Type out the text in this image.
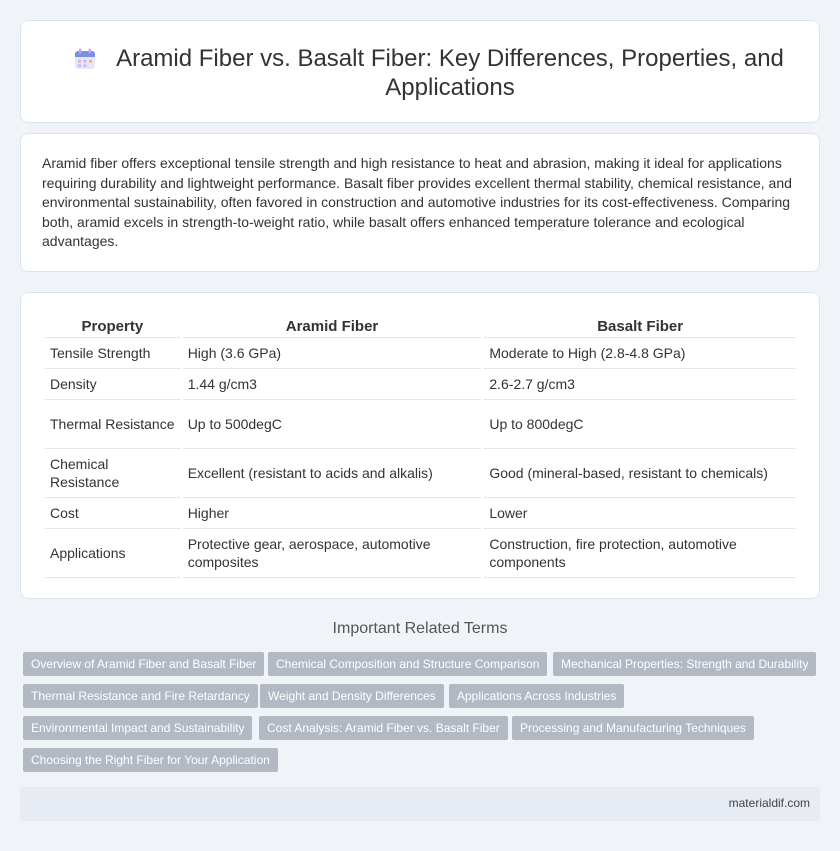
Aramid Fiber vs. Basalt Fiber: Key Differences, Properties, and Applications

Aramid fiber offers exceptional tensile strength and high resistance to heat and abrasion, making it ideal for applications requiring durability and lightweight performance. Basalt fiber provides excellent thermal stability, chemical resistance, and environmental sustainability, often favored in construction and automotive industries for its cost-effectiveness. Comparing both, aramid excels in strength-to-weight ratio, while basalt offers enhanced temperature tolerance and ecological advantages.

Property	Aramid Fiber	Basalt Fiber
Tensile Strength	High (3.6 GPa)	Moderate to High (2.8-4.8 GPa)
Density	1.44 g/cm3	2.6-2.7 g/cm3
Thermal Resistance	Up to 500degC	Up to 800degC
Chemical Resistance	Excellent (resistant to acids and alkalis)	Good (mineral-based, resistant to chemicals)
Cost	Higher	Lower
Applications	Protective gear, aerospace, automotive composites	Construction, fire protection, automotive components
Important Related Terms
Overview of Aramid Fiber and Basalt Fiber	Chemical Composition and Structure Comparison	Mechanical Properties: Strength and Durability
Thermal Resistance and Fire Retardancy	Weight and Density Differences	Applications Across Industries
Environmental Impact and Sustainability	Cost Analysis: Aramid Fiber vs. Basalt Fiber	Processing and Manufacturing Techniques
Choosing the Right Fiber for Your Application
materialdif.com
